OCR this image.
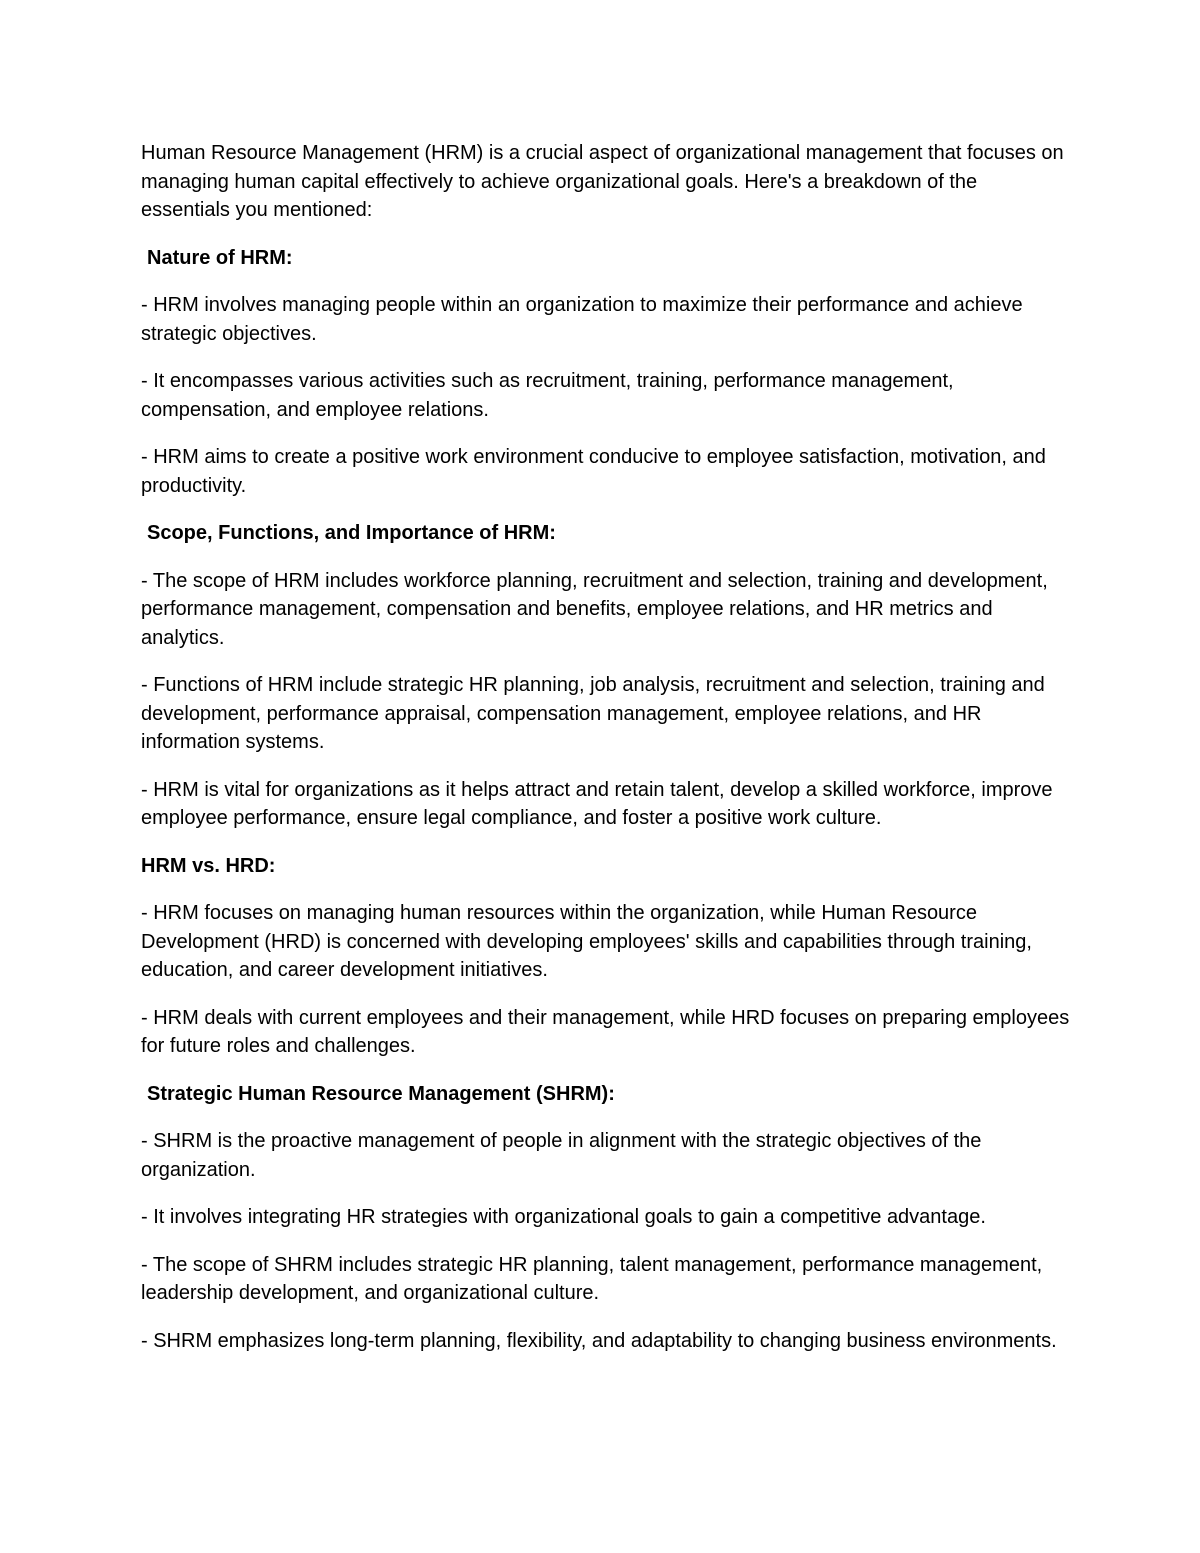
Human Resource Management (HRM) is a crucial aspect of organizational management that focuses on managing human capital effectively to achieve organizational goals. Here's a breakdown of the essentials you mentioned:

Nature of HRM:

- HRM involves managing people within an organization to maximize their performance and achieve strategic objectives.

- It encompasses various activities such as recruitment, training, performance management, compensation, and employee relations.

- HRM aims to create a positive work environment conducive to employee satisfaction, motivation, and productivity.

Scope, Functions, and Importance of HRM:

- The scope of HRM includes workforce planning, recruitment and selection, training and development, performance management, compensation and benefits, employee relations, and HR metrics and analytics.

- Functions of HRM include strategic HR planning, job analysis, recruitment and selection, training and development, performance appraisal, compensation management, employee relations, and HR information systems.

- HRM is vital for organizations as it helps attract and retain talent, develop a skilled workforce, improve employee performance, ensure legal compliance, and foster a positive work culture.

HRM vs. HRD:

- HRM focuses on managing human resources within the organization, while Human Resource Development (HRD) is concerned with developing employees' skills and capabilities through training, education, and career development initiatives.

- HRM deals with current employees and their management, while HRD focuses on preparing employees for future roles and challenges.

Strategic Human Resource Management (SHRM):

- SHRM is the proactive management of people in alignment with the strategic objectives of the organization.

- It involves integrating HR strategies with organizational goals to gain a competitive advantage.

- The scope of SHRM includes strategic HR planning, talent management, performance management, leadership development, and organizational culture.

- SHRM emphasizes long-term planning, flexibility, and adaptability to changing business environments.
